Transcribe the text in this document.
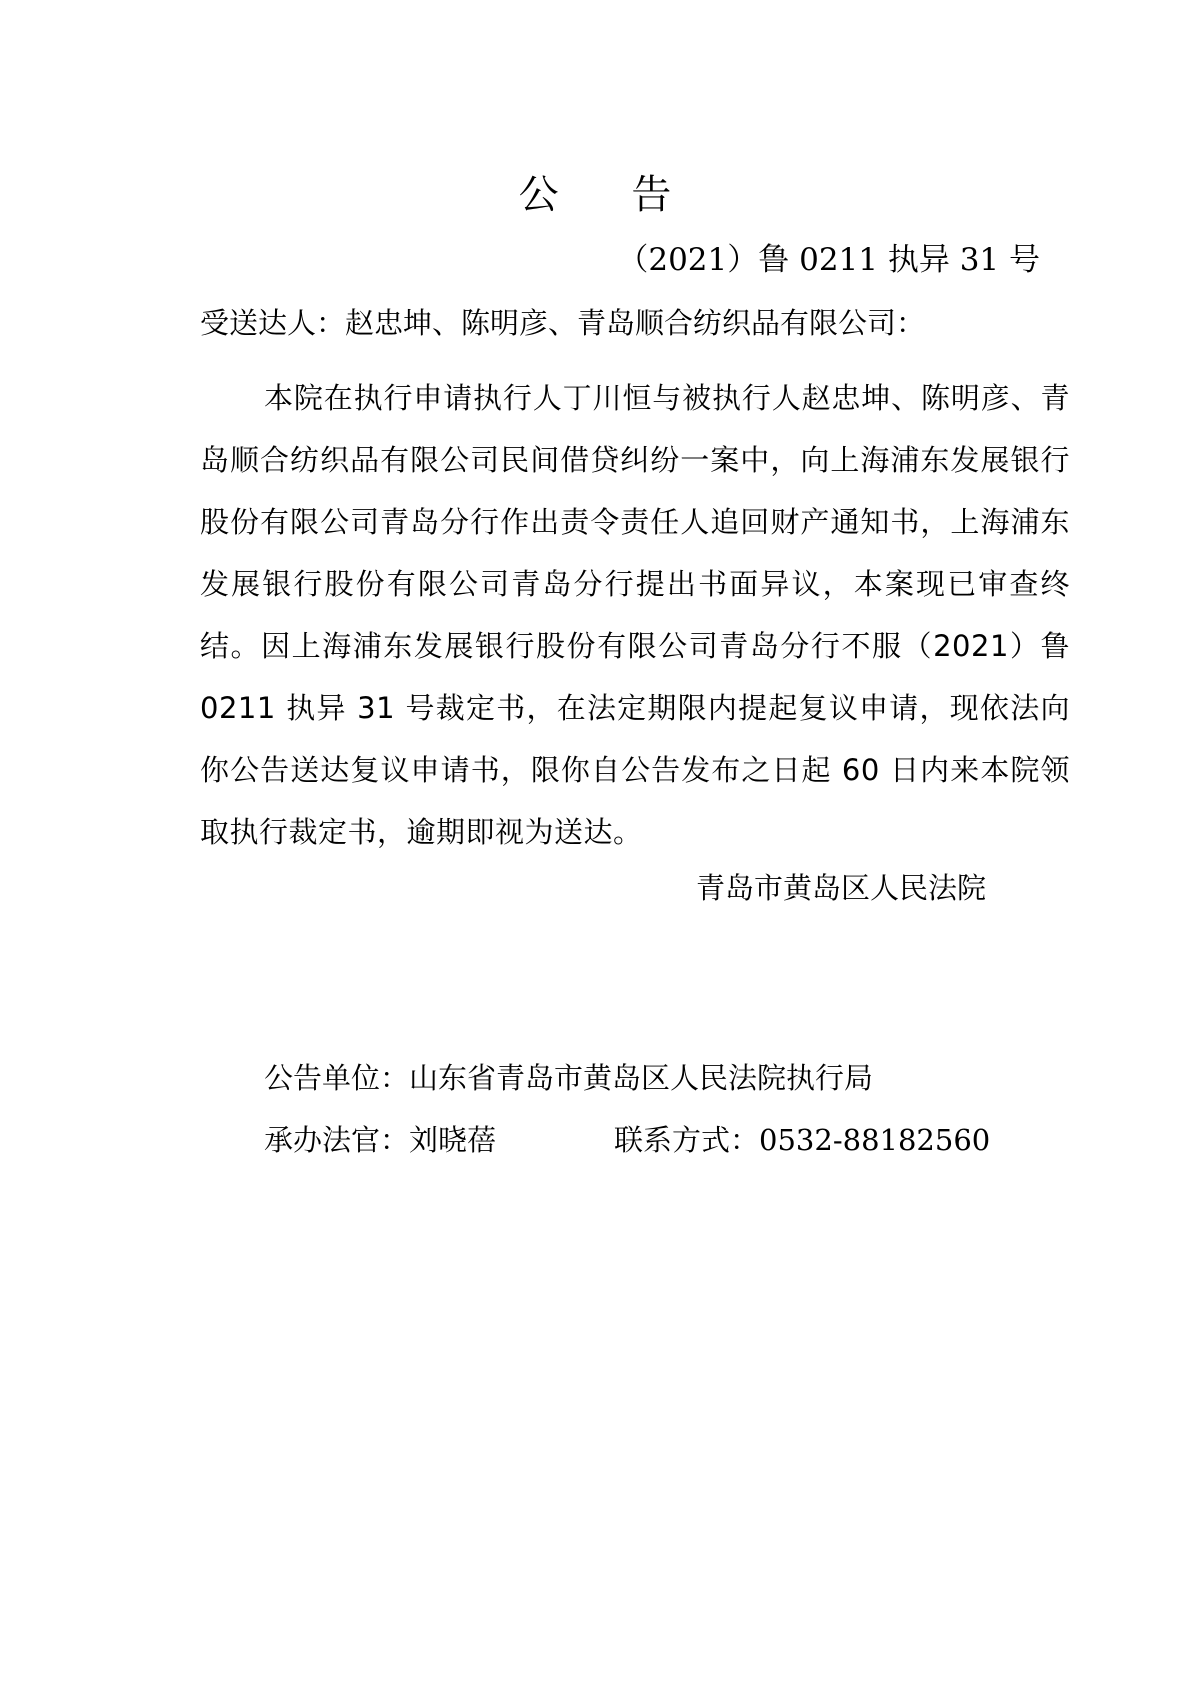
公 告
（2021）鲁 0211 执异 31 号
受送达人：赵忠坤、陈明彦、青岛顺合纺织品有限公司：
本院在执行申请执行人丁川恒与被执行人赵忠坤、陈明彦、青岛顺合纺织品有限公司民间借贷纠纷一案中，向上海浦东发展银行股份有限公司青岛分行作出责令责任人追回财产通知书，上海浦东发展银行股份有限公司青岛分行提出书面异议，本案现已审查终结。因上海浦东发展银行股份有限公司青岛分行不服（2021）鲁 0211 执异 31 号裁定书，在法定期限内提起复议申请，现依法向你公告送达复议申请书，限你自公告发布之日起 60 日内来本院领取执行裁定书，逾期即视为送达。
青岛市黄岛区人民法院
公告单位：山东省青岛市黄岛区人民法院执行局
承办法官：刘晓蓓	联系方式：0532-88182560
